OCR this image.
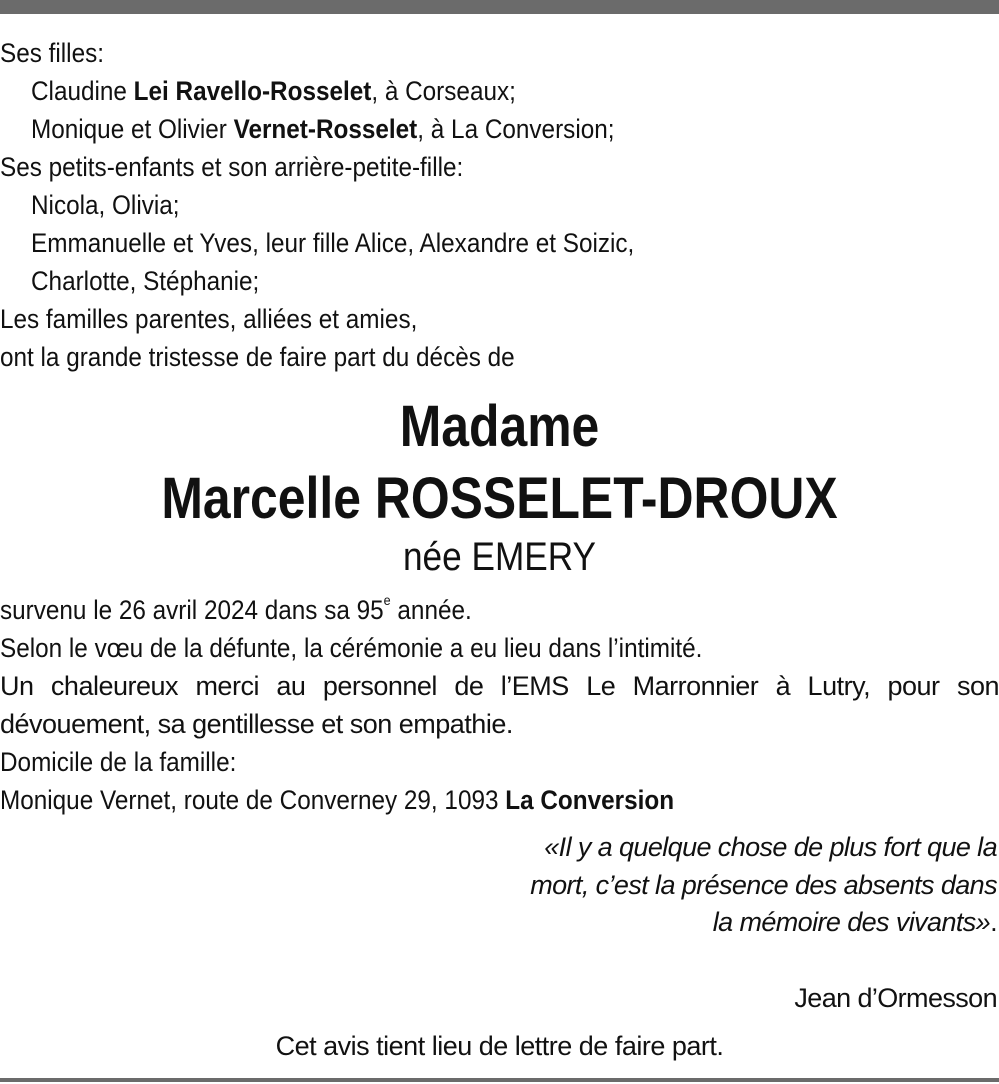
Ses filles:
Claudine Lei Ravello-Rosselet, à Corseaux;
Monique et Olivier Vernet-Rosselet, à La Conversion;
Ses petits-enfants et son arrière-petite-fille:
Nicola, Olivia;
Emmanuelle et Yves, leur fille Alice, Alexandre et Soizic,
Charlotte, Stéphanie;
Les familles parentes, alliées et amies,
ont la grande tristesse de faire part du décès de
Madame
Marcelle ROSSELET-DROUX
née EMERY
survenu le 26 avril 2024 dans sa 95e année.
Selon le vœu de la défunte, la cérémonie a eu lieu dans l’intimité.
Un chaleureux merci au personnel de l’EMS Le Marronnier à Lutry, pour son dévouement, sa gentillesse et son empathie.
Domicile de la famille:
Monique Vernet, route de Converney 29, 1093 La Conversion
«Il y a quelque chose de plus fort que la mort, c’est la présence des absents dans la mémoire des vivants».
Jean d’Ormesson
Cet avis tient lieu de lettre de faire part.
